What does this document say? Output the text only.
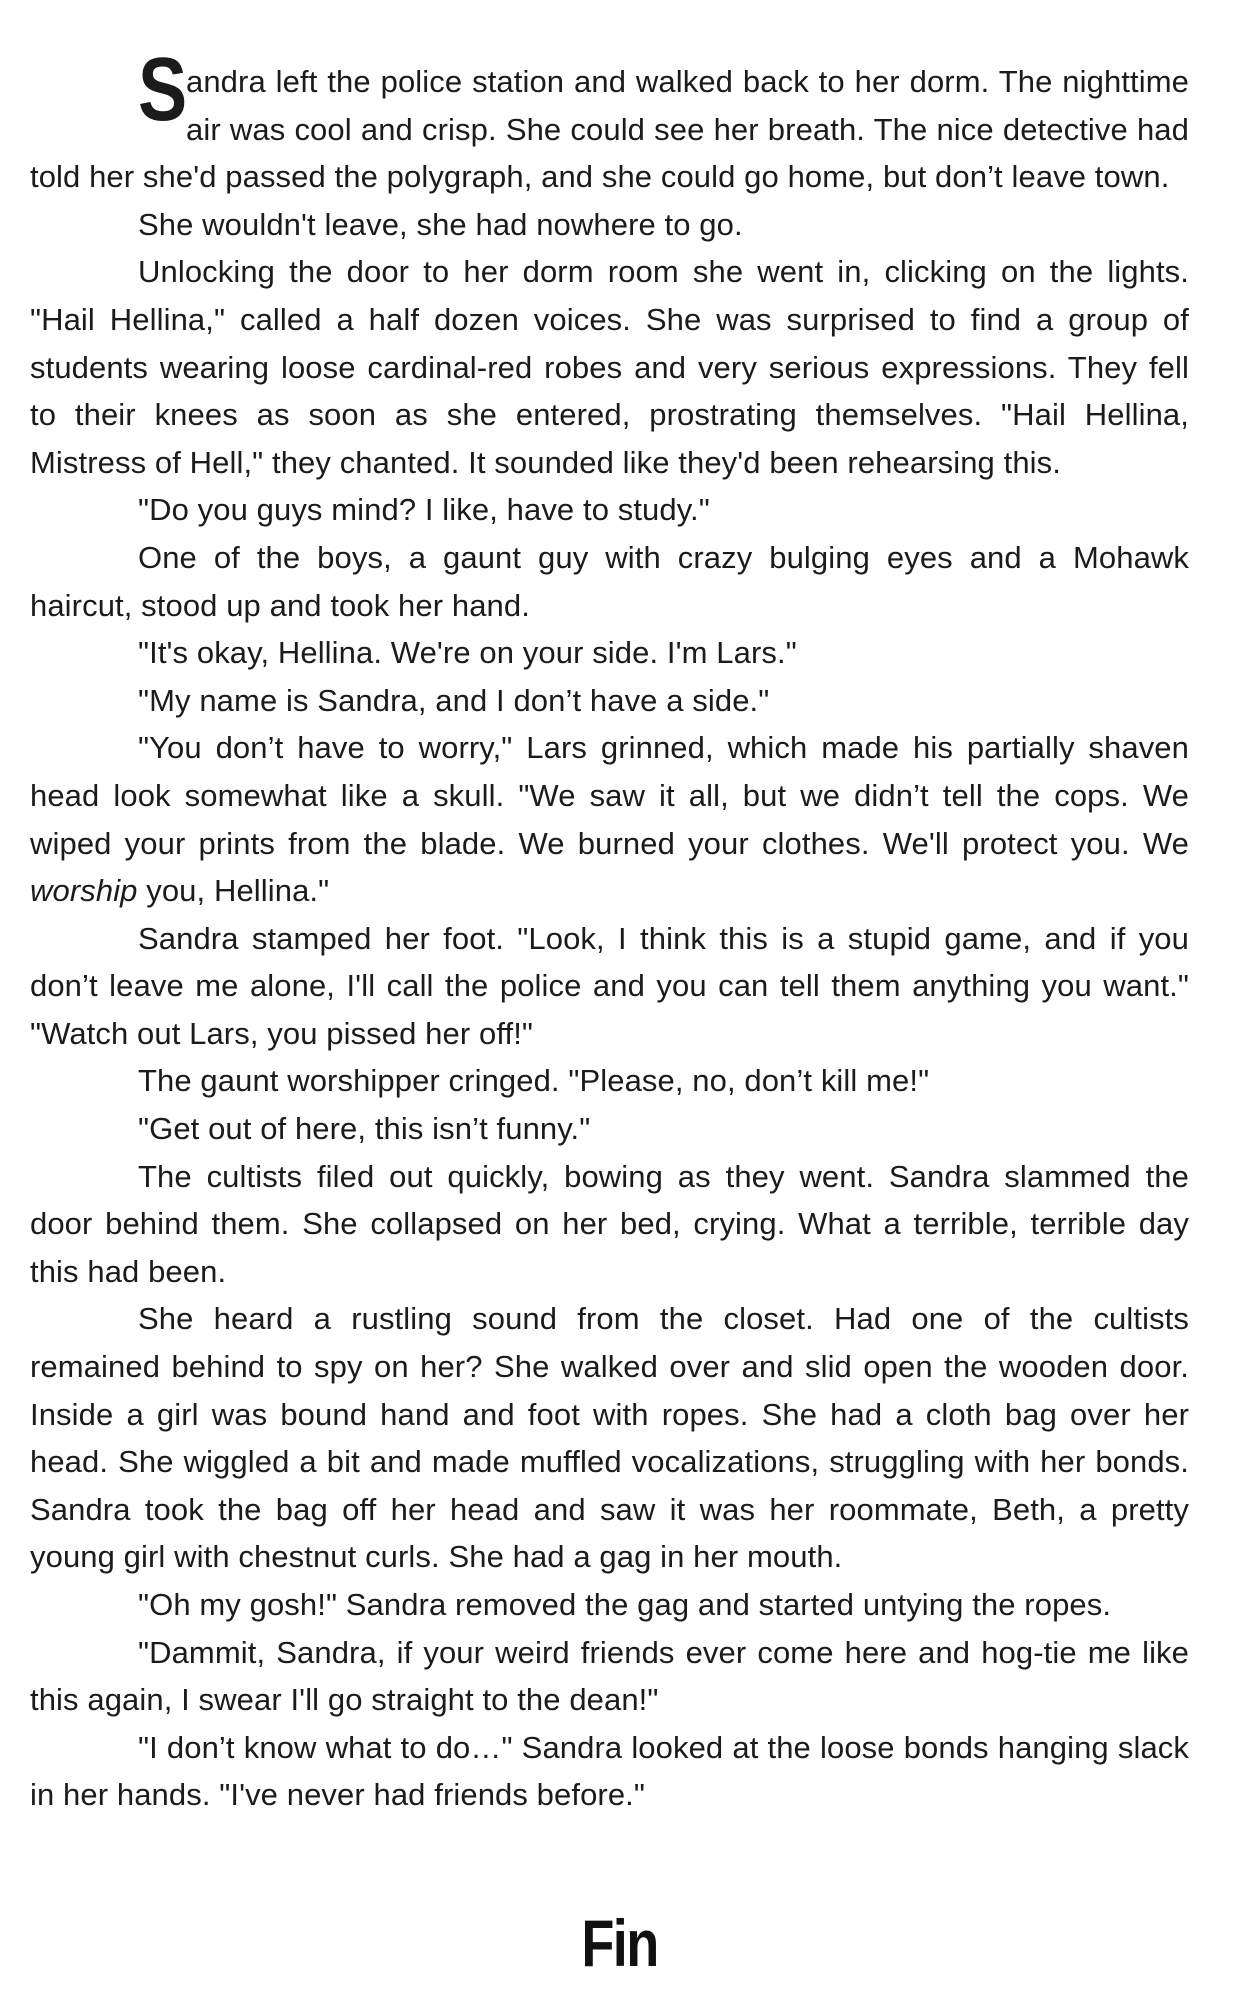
Sandra left the police station and walked back to her dorm. The nighttime air was cool and crisp. She could see her breath. The nice detective had told her she'd passed the polygraph, and she could go home, but don’t leave town.

She wouldn't leave, she had nowhere to go.

Unlocking the door to her dorm room she went in, clicking on the lights. "Hail Hellina," called a half dozen voices. She was surprised to find a group of students wearing loose cardinal-red robes and very serious expressions. They fell to their knees as soon as she entered, prostrating themselves. "Hail Hellina, Mistress of Hell," they chanted. It sounded like they'd been rehearsing this.

"Do you guys mind? I like, have to study."

One of the boys, a gaunt guy with crazy bulging eyes and a Mohawk haircut, stood up and took her hand.

"It's okay, Hellina. We're on your side. I'm Lars."

"My name is Sandra, and I don’t have a side."

"You don’t have to worry," Lars grinned, which made his partially shaven head look somewhat like a skull. "We saw it all, but we didn’t tell the cops. We wiped your prints from the blade. We burned your clothes. We'll protect you. We worship you, Hellina."

Sandra stamped her foot. "Look, I think this is a stupid game, and if you don’t leave me alone, I'll call the police and you can tell them anything you want." "Watch out Lars, you pissed her off!"

The gaunt worshipper cringed. "Please, no, don’t kill me!"

"Get out of here, this isn’t funny."

The cultists filed out quickly, bowing as they went. Sandra slammed the door behind them. She collapsed on her bed, crying. What a terrible, terrible day this had been.

She heard a rustling sound from the closet. Had one of the cultists remained behind to spy on her? She walked over and slid open the wooden door. Inside a girl was bound hand and foot with ropes. She had a cloth bag over her head. She wiggled a bit and made muffled vocalizations, struggling with her bonds. Sandra took the bag off her head and saw it was her roommate, Beth, a pretty young girl with chestnut curls. She had a gag in her mouth.

"Oh my gosh!" Sandra removed the gag and started untying the ropes.

"Dammit, Sandra, if your weird friends ever come here and hog-tie me like this again, I swear I'll go straight to the dean!"

"I don’t know what to do…" Sandra looked at the loose bonds hanging slack in her hands. "I've never had friends before."

Fin
